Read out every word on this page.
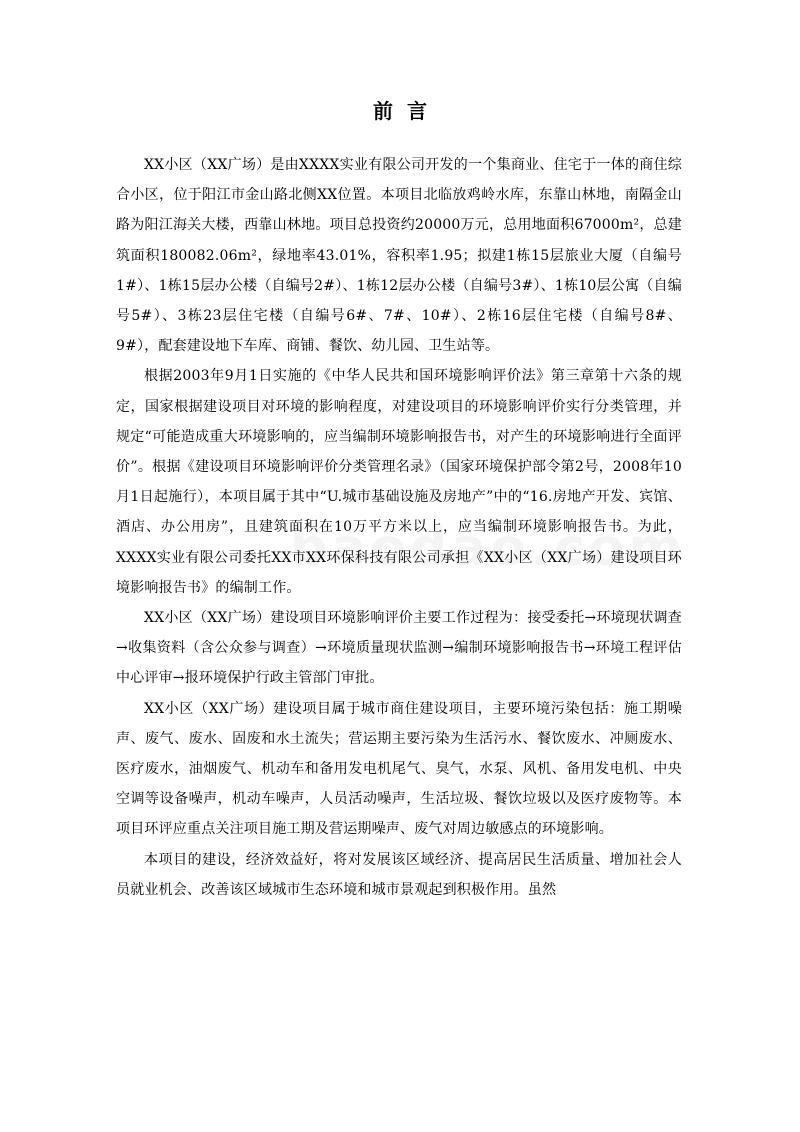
前言

XX小区（XX广场）是由XXXX实业有限公司开发的一个集商业、住宅于一体的商住综合小区，位于阳江市金山路北侧XX位置。本项目北临放鸡岭水库，东靠山林地，南隔金山路为阳江海关大楼，西靠山林地。项目总投资约20000万元，总用地面积67000m²，总建筑面积180082.06m²，绿地率43.01%，容积率1.95；拟建1栋15层旅业大厦（自编号1#）、1栋15层办公楼（自编号2#）、1栋12层办公楼（自编号3#）、1栋10层公寓（自编号5#）、3栋23层住宅楼（自编号6#、7#、10#）、2栋16层住宅楼（自编号8#、9#），配套建设地下车库、商铺、餐饮、幼儿园、卫生站等。

根据2003年9月1日实施的《中华人民共和国环境影响评价法》第三章第十六条的规定，国家根据建设项目对环境的影响程度，对建设项目的环境影响评价实行分类管理，并规定“可能造成重大环境影响的，应当编制环境影响报告书，对产生的环境影响进行全面评价”。根据《建设项目环境影响评价分类管理名录》（国家环境保护部令第2号，2008年10月1日起施行），本项目属于其中“U.城市基础设施及房地产”中的“16.房地产开发、宾馆、酒店、办公用房”，且建筑面积在10万平方米以上，应当编制环境影响报告书。为此，XXXX实业有限公司委托XX市XX环保科技有限公司承担《XX小区（XX广场）建设项目环境影响报告书》的编制工作。

XX小区（XX广场）建设项目环境影响评价主要工作过程为：接受委托→环境现状调查→收集资料（含公众参与调查）→环境质量现状监测→编制环境影响报告书→环境工程评估中心评审→报环境保护行政主管部门审批。

XX小区（XX广场）建设项目属于城市商住建设项目，主要环境污染包括：施工期噪声、废气、废水、固废和水土流失；营运期主要污染为生活污水、餐饮废水、冲厕废水、医疗废水，油烟废气、机动车和备用发电机尾气、臭气，水泵、风机、备用发电机、中央空调等设备噪声，机动车噪声，人员活动噪声，生活垃圾、餐饮垃圾以及医疗废物等。本项目环评应重点关注项目施工期及营运期噪声、废气对周边敏感点的环境影响。

本项目的建设，经济效益好，将对发展该区域经济、提高居民生活质量、增加社会人员就业机会、改善该区域城市生态环境和城市景观起到积极作用。虽然
